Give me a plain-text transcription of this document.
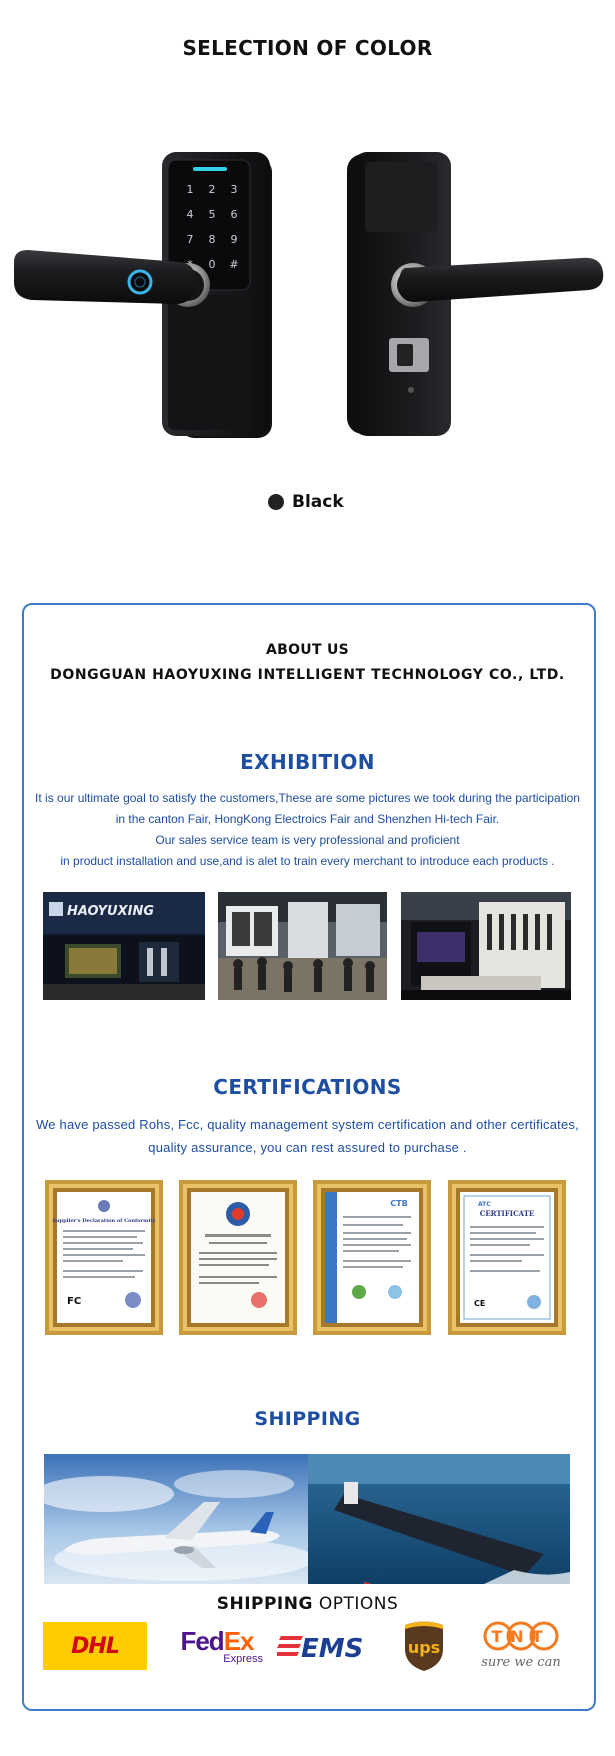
SELECTION OF COLOR
1 2 3
4 5 6
7 8 9
0 #
Black
ABOUT US
DONGGUAN HAOYUXING INTELLIGENT TECHNOLOGY CO., LTD.
EXHIBITION
It is our ultimate goal to satisfy the customers,These are some pictures we took during the participation
in the canton Fair, HongKong Electroics Fair and Shenzhen Hi-tech Fair.
Our sales service team is very professional and proficient
in product installation and use,and is alet to train every merchant to introduce each products .
HAOYUXING
CERTIFICATIONS
We have passed Rohs, Fcc, quality management system certification and other certificates,
quality assurance, you can rest assured to purchase .
Supplier's Declaration of Conformity
FC
CTB	ATC
CERTIFICATE
CE
SHIPPING
SHIPPING OPTIONS
DHL FedEx
Express EMS	ups
TNT
sure we can
